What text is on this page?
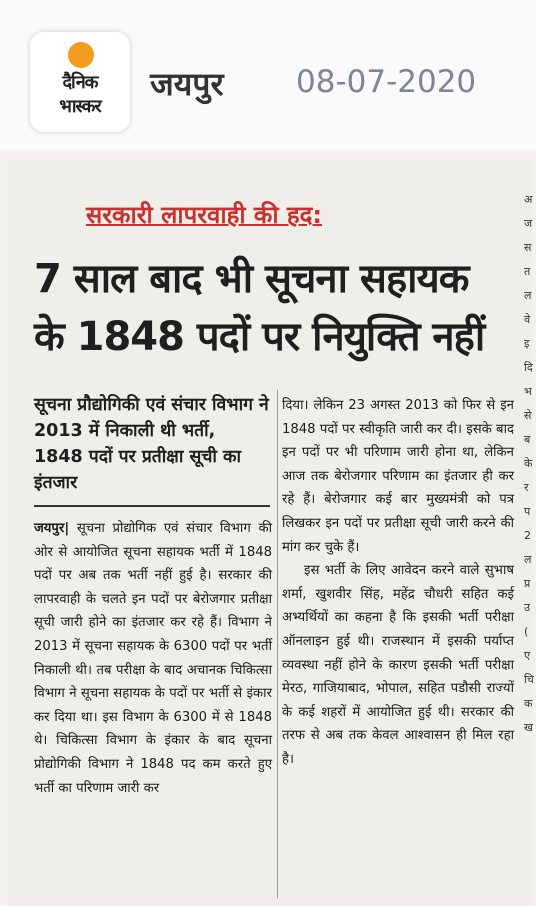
दैनिक
भास्कर
जयपुर 08-07-2020
सरकारी लापरवाही की हद:
7 साल बाद भी सूचना सहायक
के 1848 पदों पर नियुक्ति नहीं
सूचना प्रौद्योगिकी एवं संचार विभाग ने 2013 में निकाली थी भर्ती, 1848 पदों पर प्रतीक्षा सूची का इंतजार
जयपुर| सूचना प्रोद्योगिक एवं संचार विभाग की ओर से आयोजित सूचना सहायक भर्ती में 1848 पदों पर अब तक भर्ती नहीं हुई है। सरकार की लापरवाही के चलते इन पदों पर बेरोजगार प्रतीक्षा सूची जारी होने का इंतजार कर रहे हैं। विभाग ने 2013 में सूचना सहायक के 6300 पदों पर भर्ती निकाली थी। तब परीक्षा के बाद अचानक चिकित्सा विभाग ने सूचना सहायक के पदों पर भर्ती से इंकार कर दिया था। इस विभाग के 6300 में से 1848 थे। चिकित्सा विभाग के इंकार के बाद सूचना प्रोद्योगिकी विभाग ने 1848 पद कम करते हुए भर्ती का परिणाम जारी कर

दिया। लेकिन 23 अगस्त 2013 को फिर से इन 1848 पदों पर स्वीकृति जारी कर दी। इसके बाद इन पदों पर भी परिणाम जारी होना था, लेकिन आज तक बेरोजगार परिणाम का इंतजार ही कर रहे हैं। बेरोजगार कई बार मुख्यमंत्री को पत्र लिखकर इन पदों पर प्रतीक्षा सूची जारी करने की मांग कर चुके हैं।

इस भर्ती के लिए आवेदन करने वाले सुभाष शर्मा, खुशवीर सिंह, महेंद्र चौधरी सहित कई अभ्यर्थियों का कहना है कि इसकी भर्ती परीक्षा ऑनलाइन हुई थी। राजस्थान में इसकी पर्याप्त व्यवस्था नहीं होने के कारण इसकी भर्ती परीक्षा मेरठ, गाजियाबाद, भोपाल, सहित पडौसी राज्यों के कई शहरों में आयोजित हुई थी। सरकार की तरफ से अब तक केवल आश्वासन ही मिल रहा है।

अ
ज
स
त
ल
वे
इ
दि
भ
से
ब
के
र
प
2
ल
प्र
उ
(
ए
चि
क
ख
